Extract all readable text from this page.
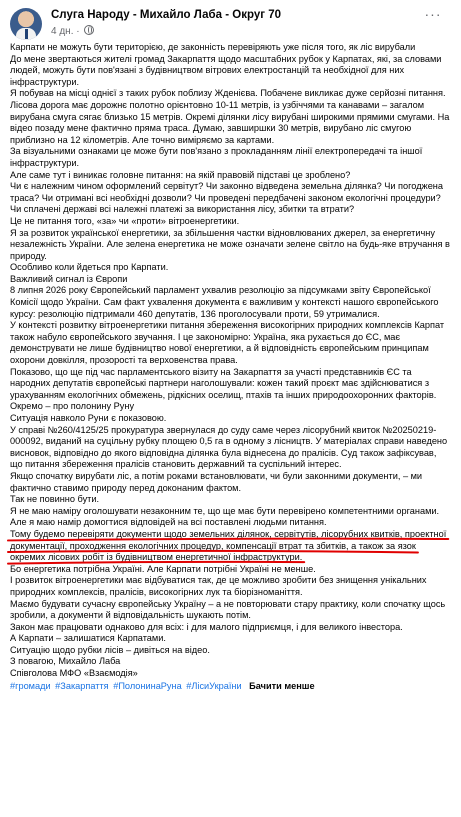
Слуга Народу - Михайло Лаба - Округ 70
4 дн. ·
···

Карпати не можуть бути територією, де законність перевіряють уже після того, як ліс вирубали

До мене звертаються жителі громад Закарпаття щодо масштабних рубок у Карпатах, які, за словами людей, можуть бути пов'язані з будівництвом вітрових електростанцій та необхідної для них інфраструктури.

Я побував на місці однієї з таких рубок поблизу Жденієва. Побачене викликає дуже серйозні питання.

Лісова дорога має дорожнє полотно орієнтовно 10-11 метрів, із узбіччями та канавами – загалом вирубана смуга сягає близько 15 метрів. Окремі ділянки лісу вирубані широкими прямими смугами. На відео позаду мене фактично пряма траса. Думаю, завширшки 30 метрів, вирубано ліс смугою приблизно на 12 кілометрів. Але точно виміряємо за картами.

За візуальними ознаками це може бути пов'язано з прокладанням лінії електропередачі та іншої інфраструктури.

Але саме тут і виникає головне питання: на якій правовій підставі це зроблено?

Чи є належним чином оформлений сервітут? Чи законно відведена земельна ділянка? Чи погоджена траса? Чи отримані всі необхідні дозволи? Чи проведені передбачені законом екологічні процедури? Чи сплачені державі всі належні платежі за використання лісу, збитки та втрати?

Це не питання того, «за» чи «проти» вітроенергетики.

Я за розвиток української енергетики, за збільшення частки відновлюваних джерел, за енергетичну незалежність України. Але зелена енергетика не може означати зелене світло на будь-яке втручання в природу.

Особливо коли йдеться про Карпати.

Важливий сигнал із Європи

8 липня 2026 року Європейський парламент ухвалив резолюцію за підсумками звіту Європейської Комісії щодо України. Сам факт ухвалення документа є важливим у контексті нашого європейського курсу: резолюцію підтримали 460 депутатів, 136 проголосували проти, 59 утрималися.

У контексті розвитку вітроенергетики питання збереження високогірних природних комплексів Карпат також набуло європейського звучання. І це закономірно: Україна, яка рухається до ЄС, має демонструвати не лише будівництво нової енергетики, а й відповідність європейським принципам охорони довкілля, прозорості та верховенства права.

Показово, що ще під час парламентського візиту на Закарпаття за участі представників ЄС та народних депутатів європейські партнери наголошували: кожен такий проєкт має здійснюватися з урахуванням екологічних обмежень, рідкісних оселищ, птахів та інших природоохоронних факторів.

Окремо – про полонину Руну

Ситуація навколо Руни є показовою.

У справі №260/4125/25 прокуратура звернулася до суду саме через лісорубний квиток №20250219-000092, виданий на суцільну рубку площею 0,5 га в одному з лісництв. У матеріалах справи наведено висновок, відповідно до якого відповідна ділянка була віднесена до пралісів. Суд також зафіксував, що питання збереження пралісів становить державний та суспільний інтерес.

Якщо спочатку вирубати ліс, а потім роками встановлювати, чи були законними документи, – ми фактично ставимо природу перед доконаним фактом.

Так не повинно бути.

Я не маю наміру оголошувати незаконним те, що ще має бути перевірено компетентними органами. Але я маю намір домогтися відповідей на всі поставлені людьми питання.

Тому будемо перевіряти документи щодо земельних ділянок, сервітутів, лісорубних квитків, проектної документації, проходження екологічних процедур, компенсації втрат та збитків, а також за язок окремих лісових робіт із будівництвом енергетичної інфраструктури.

Бо енергетика потрібна Україні. Але Карпати потрібні Україні не менше.

І розвиток вітроенергетики має відбуватися так, де це можливо зробити без знищення унікальних природних комплексів, пралісів, високогірних лук та біорізноманіття.

Маємо будувати сучасну європейську Україну – а не повторювати стару практику, коли спочатку щось зробили, а документи й відповідальність шукають потім.

Закон має працювати однаково для всіх: і для малого підприємця, і для великого інвестора.

А Карпати – залишатися Карпатами.

Ситуацію щодо рубки лісів – дивіться на відео.

З повагою, Михайло Лаба

Співголова МФО «Взаємодія»

#громади #Закарпаття #ПолонинаРуна #ЛісиУкраїни Бачити менше
